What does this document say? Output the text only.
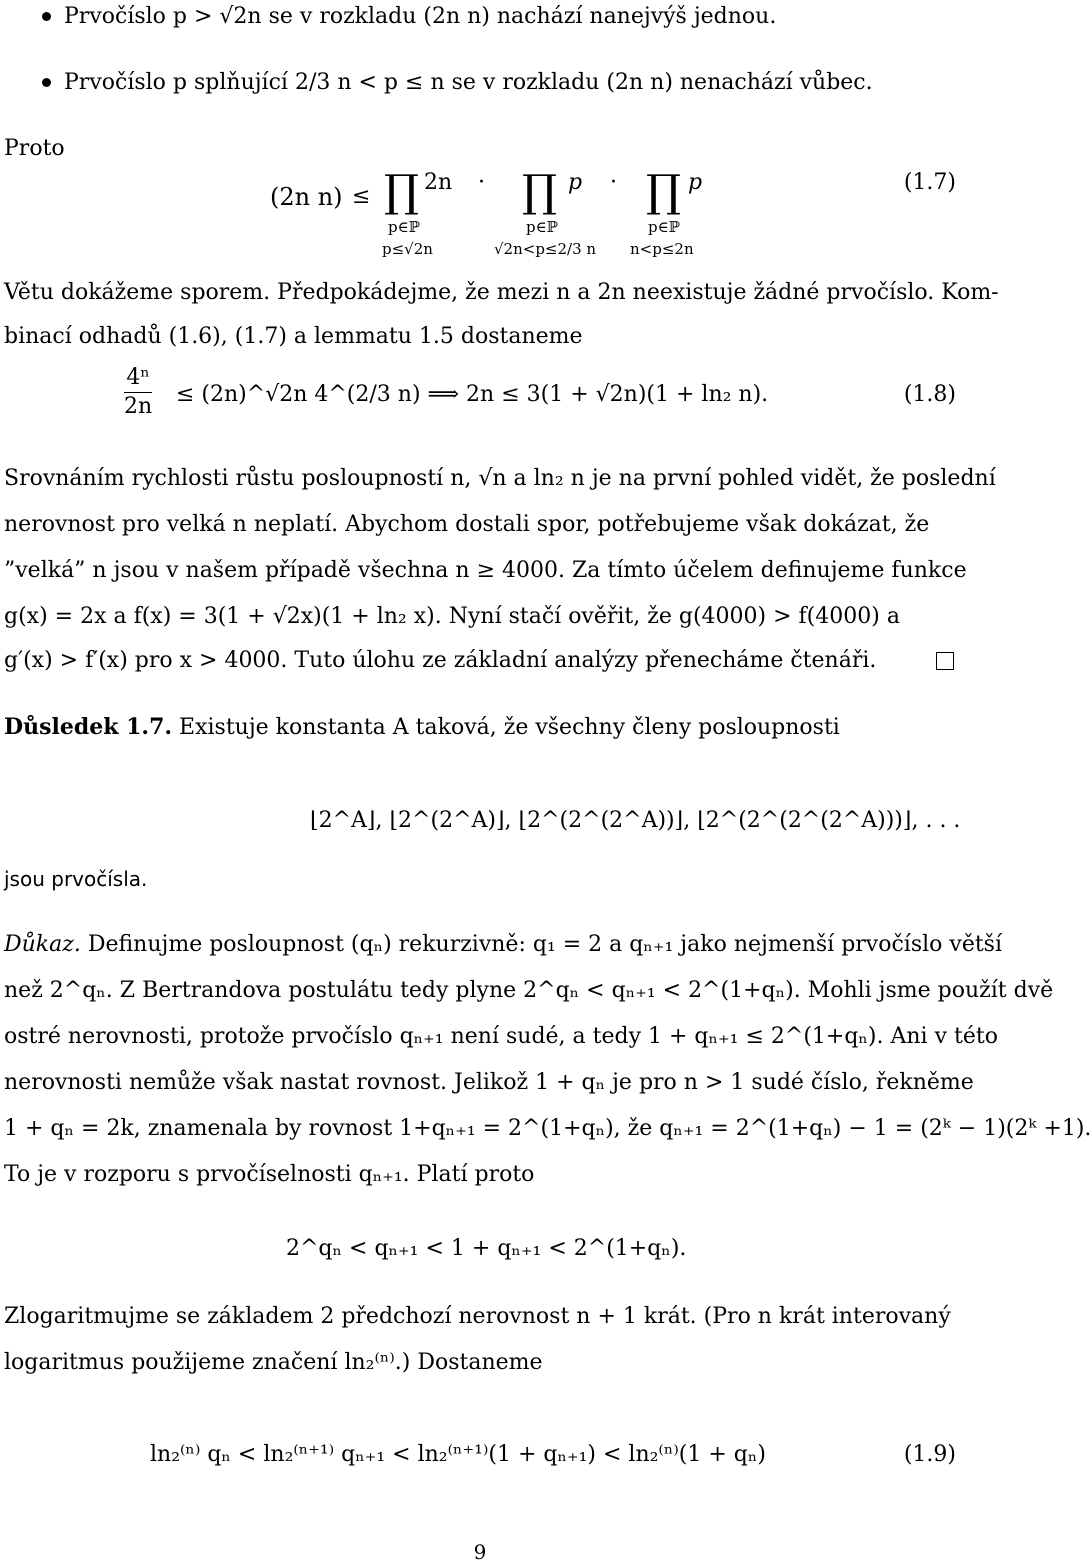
Prvočíslo p > √2n se v rozkladu (2n n) nachází nanejvýš jednou.
Prvočíslo p splňující 2/3 n < p ≤ n se v rozkladu (2n n) nenachází vůbec.
Proto
(2n n) ≤ ∏ 2n
p∈ℙ
p≤√2n
· ∏ p
p∈ℙ
√2n<p≤2/3 n
· ∏ p
p∈ℙ
n<p≤2n
(1.7)
Větu dokážeme sporem. Předpokádejme, že mezi n a 2n neexistuje žádné prvočíslo. Kom-
binací odhadů (1.6), (1.7) a lemmatu 1.5 dostaneme
$\frac{\text{4ⁿ}}{2n}$ ≤ (2n)^√2n 4^(2/3 n) ⟹ 2n ≤ 3(1 + √2n)(1 + ln₂ n).	(1.8)
Srovnáním rychlosti růstu posloupností n, √n a ln₂ n je na první pohled vidět, že poslední
nerovnost pro velká n neplatí. Abychom dostali spor, potřebujeme však dokázat, že
”velká” n jsou v našem případě všechna n ≥ 4000. Za tímto účelem definujeme funkce
g(x) = 2x a f(x) = 3(1 + √2x)(1 + ln₂ x). Nyní stačí ověřit, že g(4000) > f(4000) a
g′(x) > f′(x) pro x > 4000. Tuto úlohu ze základní analýzy přenecháme čtenáři.
Důsledek 1.7. Existuje konstanta A taková, že všechny členy posloupnosti
⌊2^A⌋, ⌊2^(2^A)⌋, ⌊2^(2^(2^A))⌋, ⌊2^(2^(2^(2^A)))⌋, . . .
jsou prvočísla.
Důkaz. Definujme posloupnost (qₙ) rekurzivně: q₁ = 2 a qₙ₊₁ jako nejmenší prvočíslo větší
než 2^qₙ. Z Bertrandova postulátu tedy plyne 2^qₙ < qₙ₊₁ < 2^(1+qₙ). Mohli jsme použít dvě
ostré nerovnosti, protože prvočíslo qₙ₊₁ není sudé, a tedy 1 + qₙ₊₁ ≤ 2^(1+qₙ). Ani v této
nerovnosti nemůže však nastat rovnost. Jelikož 1 + qₙ je pro n > 1 sudé číslo, řekněme
1 + qₙ = 2k, znamenala by rovnost 1+qₙ₊₁ = 2^(1+qₙ), že qₙ₊₁ = 2^(1+qₙ) − 1 = (2ᵏ − 1)(2ᵏ +1).
To je v rozporu s prvočíselnosti qₙ₊₁. Platí proto
2^qₙ < qₙ₊₁ < 1 + qₙ₊₁ < 2^(1+qₙ).
Zlogaritmujme se základem 2 předchozí nerovnost n + 1 krát. (Pro n krát interovaný
logaritmus použijeme značení ln₂⁽ⁿ⁾.) Dostaneme
ln₂⁽ⁿ⁾ qₙ < ln₂⁽ⁿ⁺¹⁾ qₙ₊₁ < ln₂⁽ⁿ⁺¹⁾(1 + qₙ₊₁) < ln₂⁽ⁿ⁾(1 + qₙ)	(1.9)
9
